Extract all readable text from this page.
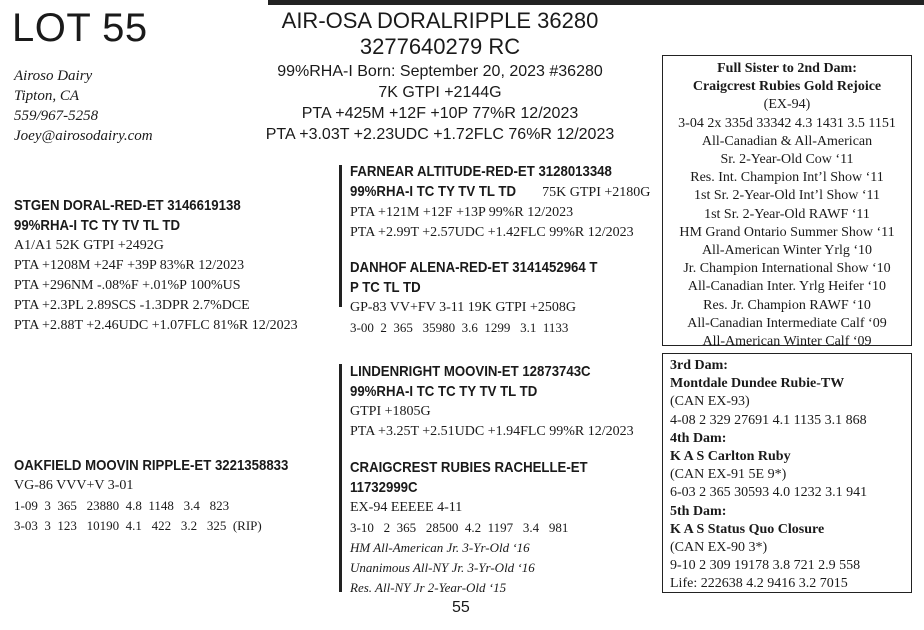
LOT 55	AIR-OSA DORALRIPPLE 36280
3277640279 RC
99%RHA-I Born: September 20, 2023 #36280
7K GTPI +2144G
PTA +425M +12F +10P 77%R 12/2023
PTA +3.03T +2.23UDC +1.72FLC 76%R 12/2023
Airoso Dairy
Tipton, CA
559/967-5258
Joey@airosodairy.com
STGEN DORAL-RED-ET 3146619138
99%RHA-I TC TY TV TL TD
A1/A1 52K GTPI +2492G
PTA +1208M +24F +39P 83%R 12/2023
PTA +296NM -.08%F +.01%P 100%US
PTA +2.3PL 2.89SCS -1.3DPR 2.7%DCE
PTA +2.88T +2.46UDC +1.07FLC 81%R 12/2023
OAKFIELD MOOVIN RIPPLE-ET 3221358833
VG-86 VVV+V 3-01
1-09  3  365   23880  4.8  1148   3.4   823
3-03  3  123   10190  4.1   422   3.2   325  (RIP)
FARNEAR ALTITUDE-RED-ET 3128013348
99%RHA-I TC TY TV TL TD 75K GTPI +2180G
PTA +121M +12F +13P 99%R 12/2023
PTA +2.99T +2.57UDC +1.42FLC 99%R 12/2023
DANHOF ALENA-RED-ET 3141452964 T
P TC TL TD
GP-83 VV+FV 3-11 19K GTPI +2508G
3-00  2  365   35980  3.6  1299   3.1  1133
LINDENRIGHT MOOVIN-ET 12873743C
99%RHA-I TC TC TY TV TL TD
GTPI +1805G
PTA +3.25T +2.51UDC +1.94FLC 99%R 12/2023
CRAIGCREST RUBIES RACHELLE-ET
11732999C
EX-94 EEEEE 4-11
3-10   2  365   28500  4.2  1197   3.4   981
HM All-American Jr. 3-Yr-Old ‘16
Unanimous All-NY Jr. 3-Yr-Old ‘16
Res. All-NY Jr 2-Year-Old ‘15
Full Sister to 2nd Dam:
Craigcrest Rubies Gold Rejoice
(EX-94)
3-04 2x 335d 33342 4.3 1431 3.5 1151
All-Canadian & All-American
Sr. 2-Year-Old Cow ‘11
Res. Int. Champion Int’l Show ‘11
1st Sr. 2-Year-Old Int’l Show ‘11
1st Sr. 2-Year-Old RAWF ‘11
HM Grand Ontario Summer Show ‘11
All-American Winter Yrlg ‘10
Jr. Champion International Show ‘10
All-Canadian Inter. Yrlg Heifer ‘10
Res. Jr. Champion RAWF ‘10
All-Canadian Intermediate Calf ‘09
All-American Winter Calf ‘09
3rd Dam:
Montdale Dundee Rubie-TW
(CAN EX-93)
4-08 2 329 27691 4.1 1135 3.1 868
4th Dam:
K A S Carlton Ruby
(CAN EX-91 5E 9*)
6-03 2 365 30593 4.0 1232 3.1 941
5th Dam:
K A S Status Quo Closure
(CAN EX-90 3*)
9-10 2 309 19178 3.8 721 2.9 558
Life: 222638 4.2 9416 3.2 7015
55
